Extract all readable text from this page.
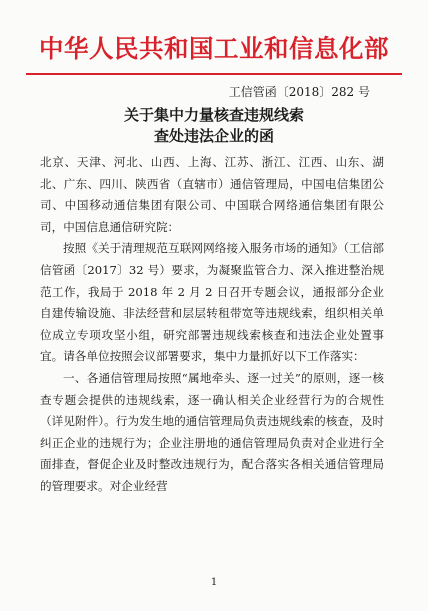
中华人民共和国工业和信息化部
工信管函〔2018〕282 号
关于集中力量核查违规线索
查处违法企业的函

北京、天津、河北、山西、上海、江苏、浙江、江西、山东、湖北、广东、四川、陕西省（直辖市）通信管理局，中国电信集团公司、中国移动通信集团有限公司、中国联合网络通信集团有限公司，中国信息通信研究院：

按照《关于清理规范互联网网络接入服务市场的通知》（工信部信管函〔2017〕32 号）要求，为凝聚监管合力、深入推进整治规范工作，我局于 2018 年 2 月 2 日召开专题会议，通报部分企业自建传输设施、非法经营和层层转租带宽等违规线索，组织相关单位成立专项攻坚小组，研究部署违规线索核查和违法企业处置事宜。请各单位按照会议部署要求，集中力量抓好以下工作落实：

一、各通信管理局按照“属地牵头、逐一过关”的原则，逐一核查专题会提供的违规线索，逐一确认相关企业经营行为的合规性（详见附件）。行为发生地的通信管理局负责违规线索的核查，及时纠正企业的违规行为；企业注册地的通信管理局负责对企业进行全面排查，督促企业及时整改违规行为，配合落实各相关通信管理局的管理要求。对企业经营

1
